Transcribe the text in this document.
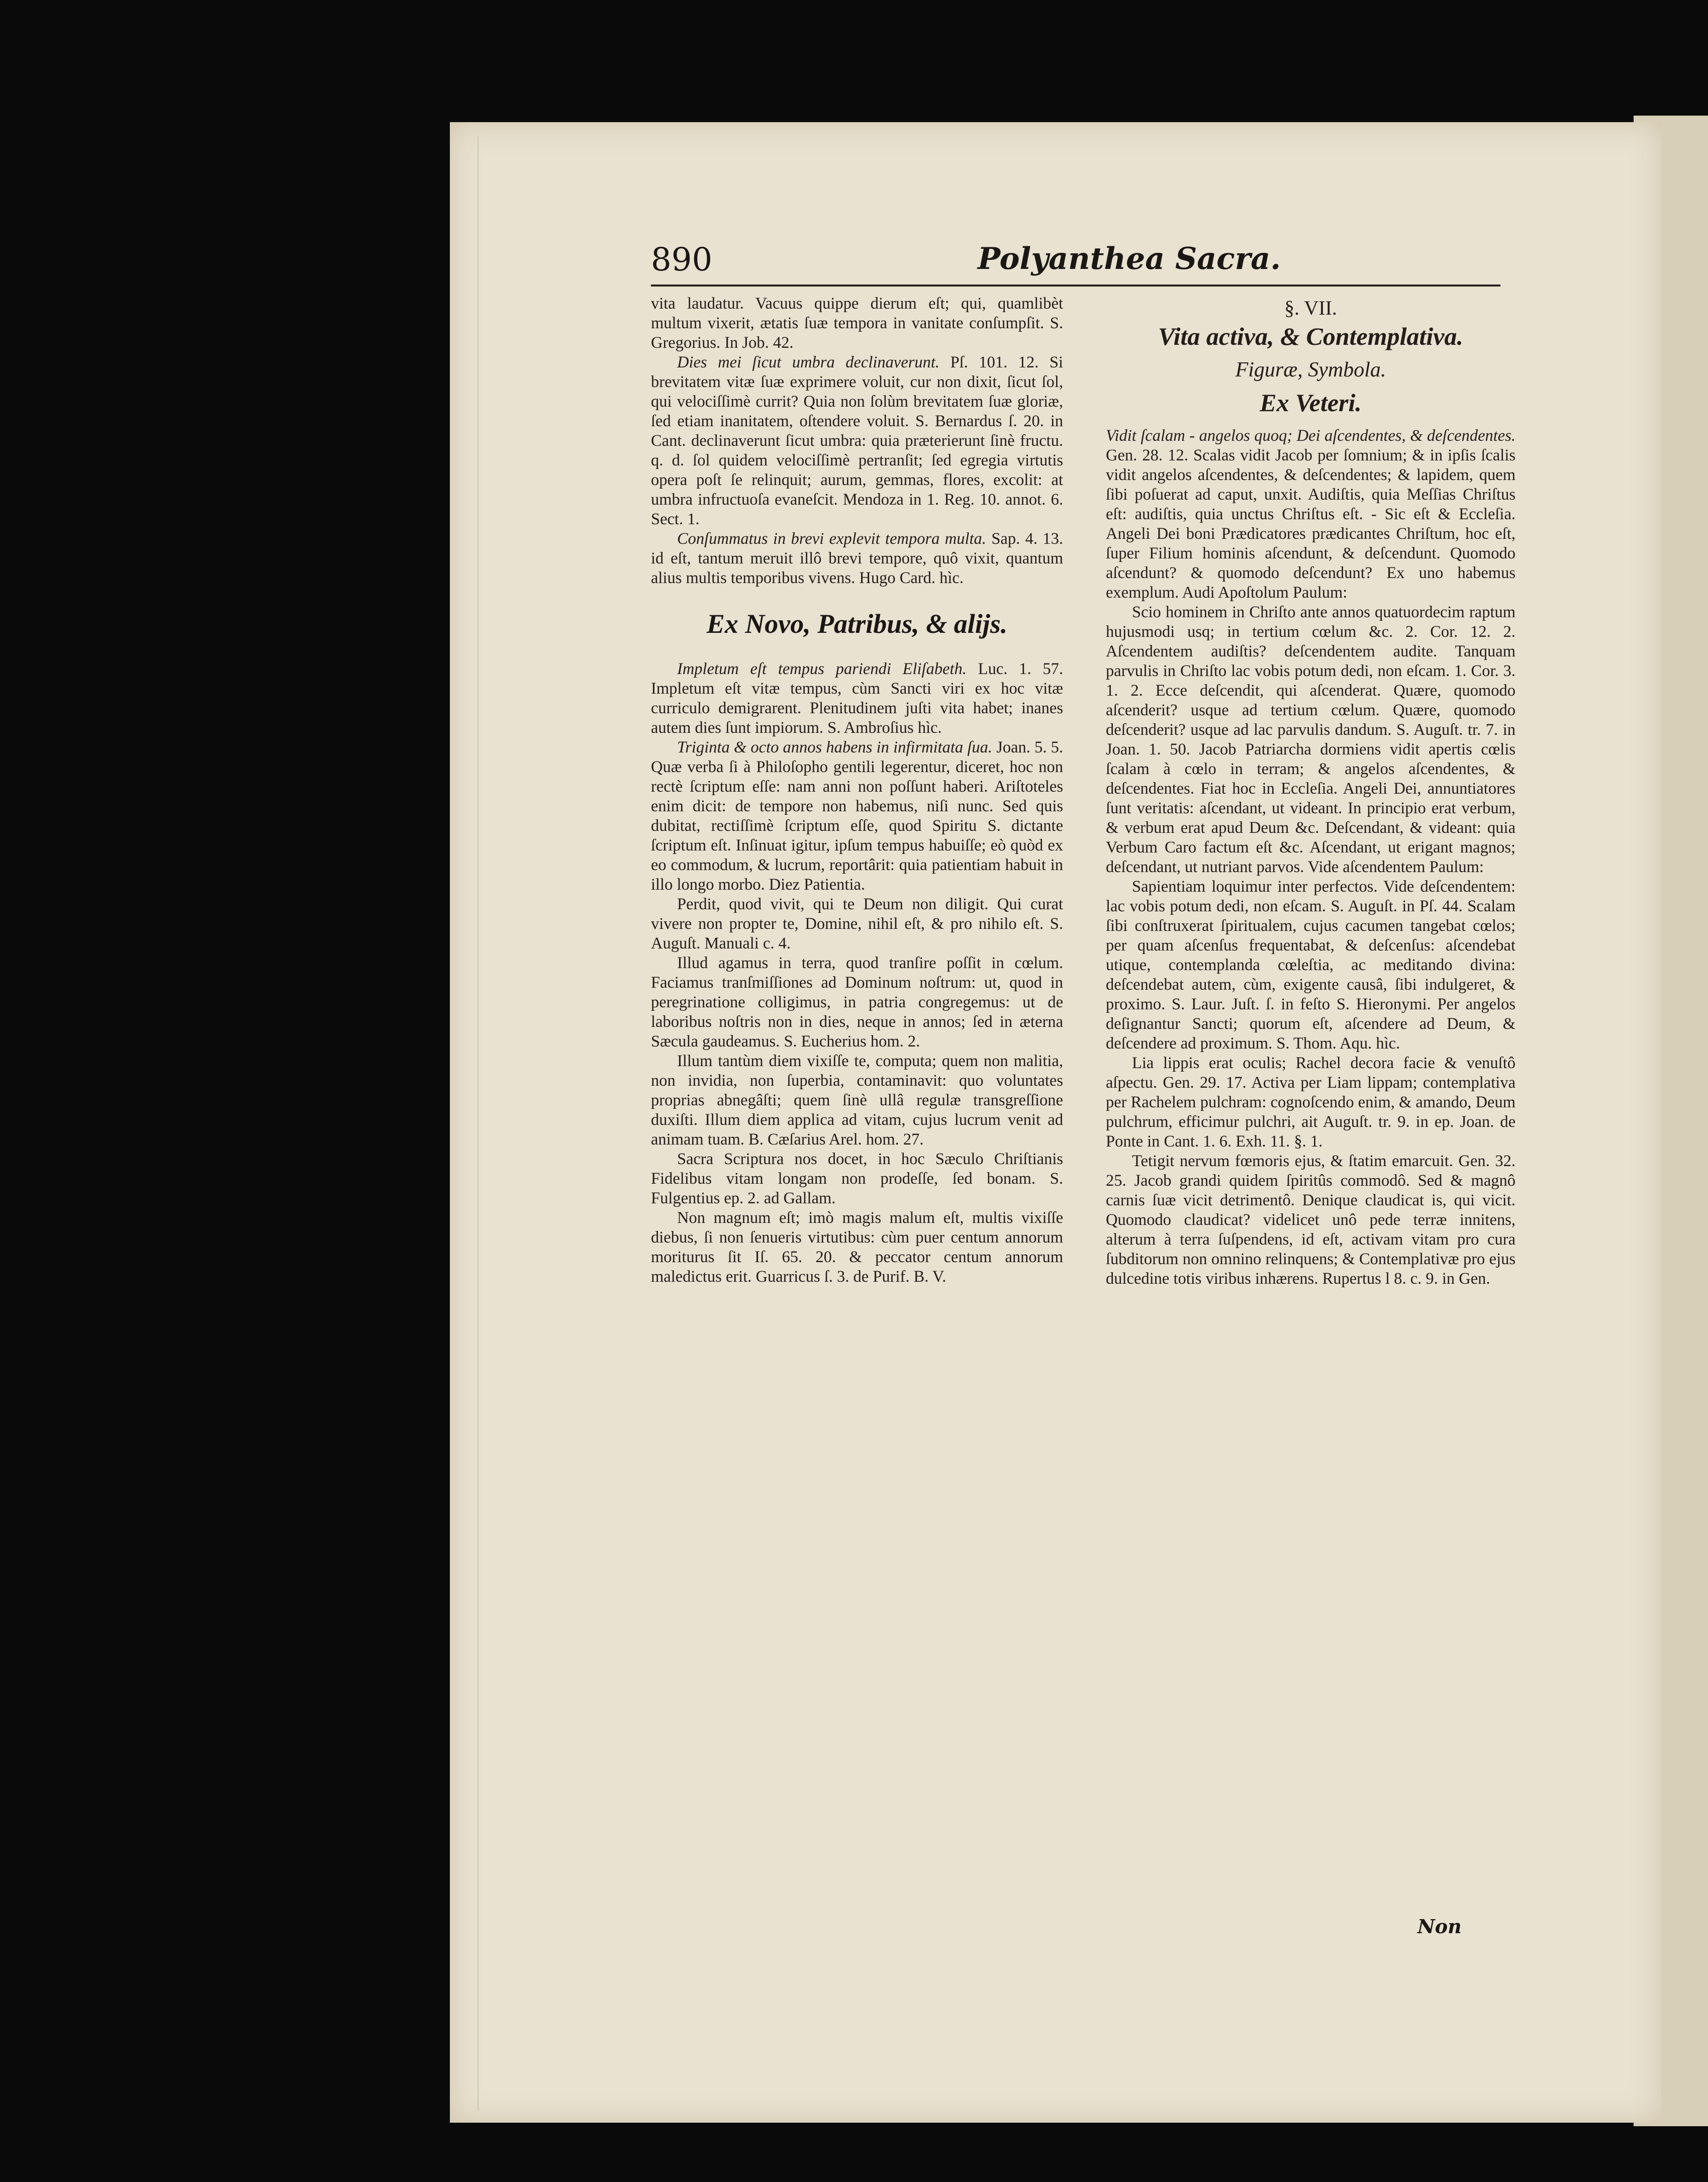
890	Polyanthea Sacra.

vita laudatur. Vacuus quippe dierum eſt; qui, quamlibèt multum vixerit, ætatis ſuæ tempora in vanitate conſumpſit. S. Gregorius. In Job. 42.

Dies mei ſicut umbra declinaverunt. Pſ. 101. 12. Si brevitatem vitæ ſuæ exprimere voluit, cur non dixit, ſicut ſol, qui velociſſimè currit? Quia non ſolùm brevitatem ſuæ gloriæ, ſed etiam inanitatem, oſtendere voluit. S. Bernardus ſ. 20. in Cant. declinaverunt ſicut umbra: quia præterierunt ſinè fructu. q. d. ſol quidem velociſſimè pertranſit; ſed egregia virtutis opera poſt ſe relinquit; aurum, gemmas, flores, excolit: at umbra infructuoſa evaneſcit. Mendoza in 1. Reg. 10. annot. 6. Sect. 1.

Conſummatus in brevi explevit tempora multa. Sap. 4. 13. id eſt, tantum meruit illô brevi tempore, quô vixit, quantum alius multis temporibus vivens. Hugo Card. hìc.

Ex Novo, Patribus, & alijs.

Impletum eſt tempus pariendi Eliſabeth. Luc. 1. 57. Impletum eſt vitæ tempus, cùm Sancti viri ex hoc vitæ curriculo demigrarent. Plenitudinem juſti vita habet; inanes autem dies ſunt impiorum. S. Ambroſius hìc.

Triginta & octo annos habens in infirmitata ſua. Joan. 5. 5. Quæ verba ſi à Philoſopho gentili legerentur, diceret, hoc non rectè ſcriptum eſſe: nam anni non poſſunt haberi. Ariſtoteles enim dicit: de tempore non habemus, niſi nunc. Sed quis dubitat, rectiſſimè ſcriptum eſſe, quod Spiritu S. dictante ſcriptum eſt. Inſinuat igitur, ipſum tempus habuiſſe; eò quòd ex eo commodum, & lucrum, reportârit: quia patientiam habuit in illo longo morbo. Diez Patientia.

Perdit, quod vivit, qui te Deum non diligit. Qui curat vivere non propter te, Domine, nihil eſt, & pro nihilo eſt. S. Auguſt. Manuali c. 4.

Illud agamus in terra, quod tranſire poſſit in cœlum. Faciamus tranſmiſſiones ad Dominum noſtrum: ut, quod in peregrinatione colligimus, in patria congregemus: ut de laboribus noſtris non in dies, neque in annos; ſed in æterna Sæcula gaudeamus. S. Eucherius hom. 2.

Illum tantùm diem vixiſſe te, computa; quem non malitia, non invidia, non ſuperbia, contaminavit: quo voluntates proprias abnegâſti; quem ſinè ullâ regulæ transgreſſione duxiſti. Illum diem applica ad vitam, cujus lucrum venit ad animam tuam. B. Cæſarius Arel. hom. 27.

Sacra Scriptura nos docet, in hoc Sæculo Chriſtianis Fidelibus vitam longam non prodeſſe, ſed bonam. S. Fulgentius ep. 2. ad Gallam.

Non magnum eſt; imò magis malum eſt, multis vixiſſe diebus, ſi non ſenueris virtutibus: cùm puer centum annorum moriturus ſit Iſ. 65. 20. & peccator centum annorum maledictus erit. Guarricus ſ. 3. de Purif. B. V.

§. VII.
Vita activa, & Contemplativa.
Figuræ, Symbola.
Ex Veteri.

Vidit ſcalam - angelos quoq; Dei aſcendentes, & deſcendentes. Gen. 28. 12. Scalas vidit Jacob per ſomnium; & in ipſis ſcalis vidit angelos aſcendentes, & deſcendentes; & lapidem, quem ſibi poſuerat ad caput, unxit. Audiſtis, quia Meſſias Chriſtus eſt: audiſtis, quia unctus Chriſtus eſt. - Sic eſt & Eccleſia. Angeli Dei boni Prædicatores prædicantes Chriſtum, hoc eſt, ſuper Filium hominis aſcendunt, & deſcendunt. Quomodo aſcendunt? & quomodo deſcendunt? Ex uno habemus exemplum. Audi Apoſtolum Paulum:

Scio hominem in Chriſto ante annos quatuordecim raptum hujusmodi usq; in tertium cœlum &c. 2. Cor. 12. 2. Aſcendentem audiſtis? deſcendentem audite. Tanquam parvulis in Chriſto lac vobis potum dedi, non eſcam. 1. Cor. 3. 1. 2. Ecce deſcendit, qui aſcenderat. Quære, quomodo aſcenderit? usque ad tertium cœlum. Quære, quomodo deſcenderit? usque ad lac parvulis dandum. S. Auguſt. tr. 7. in Joan. 1. 50. Jacob Patriarcha dormiens vidit apertis cœlis ſcalam à cœlo in terram; & angelos aſcendentes, & deſcendentes. Fiat hoc in Eccleſia. Angeli Dei, annuntiatores ſunt veritatis: aſcendant, ut videant. In principio erat verbum, & verbum erat apud Deum &c. Deſcendant, & videant: quia Verbum Caro factum eſt &c. Aſcendant, ut erigant magnos; deſcendant, ut nutriant parvos. Vide aſcendentem Paulum:

Sapientiam loquimur inter perfectos. Vide deſcendentem: lac vobis potum dedi, non eſcam. S. Auguſt. in Pſ. 44. Scalam ſibi conſtruxerat ſpiritualem, cujus cacumen tangebat cœlos; per quam aſcenſus frequentabat, & deſcenſus: aſcendebat utique, contemplanda cœleſtia, ac meditando divina: deſcendebat autem, cùm, exigente causâ, ſibi indulgeret, & proximo. S. Laur. Juſt. ſ. in feſto S. Hieronymi. Per angelos deſignantur Sancti; quorum eſt, aſcendere ad Deum, & deſcendere ad proximum. S. Thom. Aqu. hìc.

Lia lippis erat oculis; Rachel decora facie & venuſtô aſpectu. Gen. 29. 17. Activa per Liam lippam; contemplativa per Rachelem pulchram: cognoſcendo enim, & amando, Deum pulchrum, efficimur pulchri, ait Auguſt. tr. 9. in ep. Joan. de Ponte in Cant. 1. 6. Exh. 11. §. 1.

Tetigit nervum fœmoris ejus, & ſtatim emarcuit. Gen. 32. 25. Jacob grandi quidem ſpiritûs commodô. Sed & magnô carnis ſuæ vicit detrimentô. Denique claudicat is, qui vicit. Quomodo claudicat? videlicet unô pede terræ innitens, alterum à terra ſuſpendens, id eſt, activam vitam pro cura ſubditorum non omnino relinquens; & Contemplativæ pro ejus dulcedine totis viribus inhærens. Rupertus l 8. c. 9. in Gen.

Non
